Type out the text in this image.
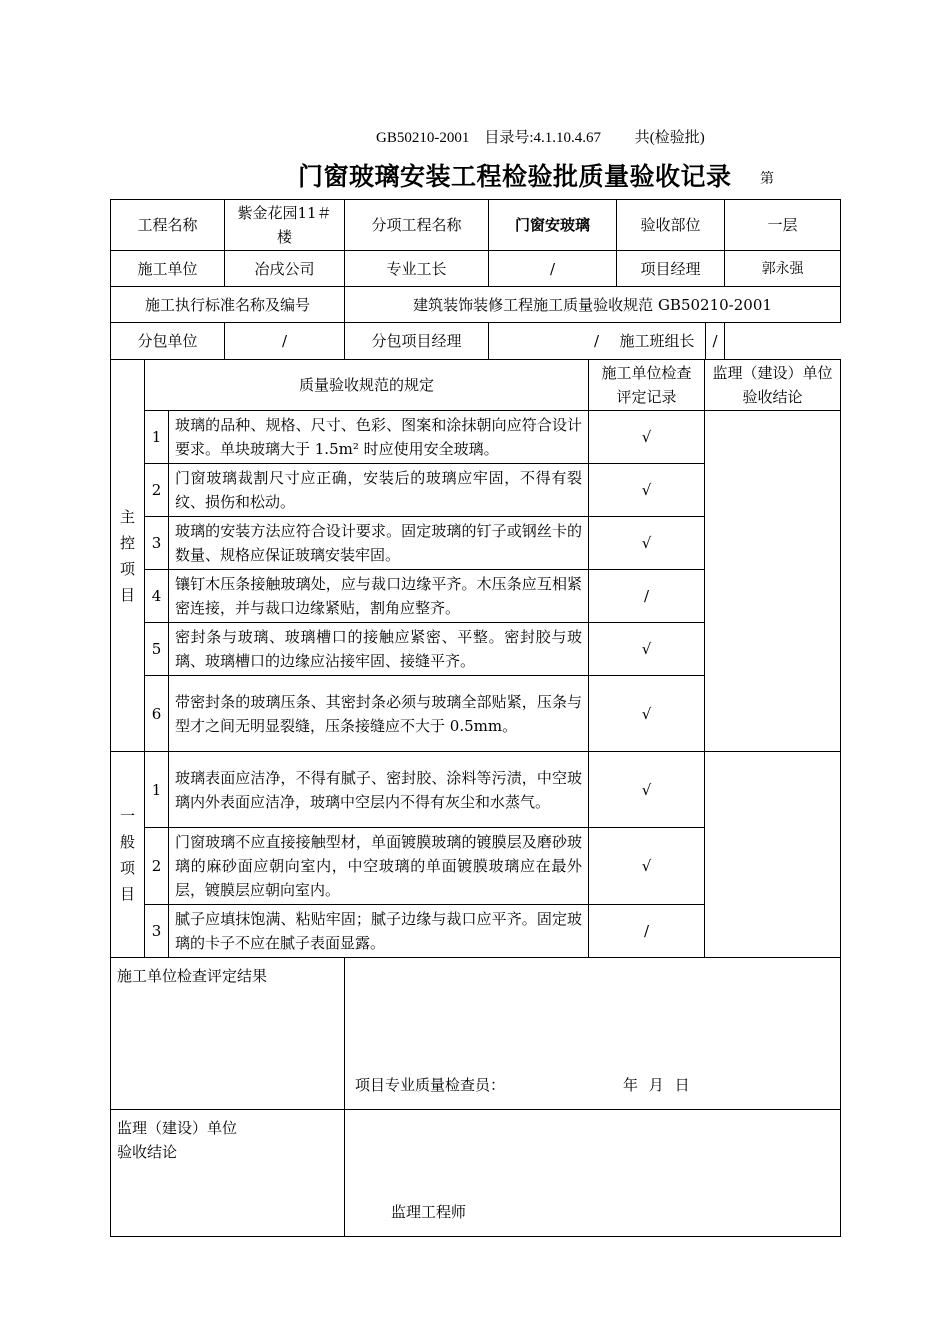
GB50210-2001    目录号:4.1.10.4.67         共(检验批)
门窗玻璃安装工程检验批质量验收记录 第
工程名称			紫金花园11＃楼	分项工程名称	门窗安玻璃		验收部位		一层
施工单位			冶戌公司	专业工长	/		项目经理		郭永强
施工执行标准名称及编号				建筑装饰装修工程施工质量验收规范 GB50210-2001					
分包单位			/	分包项目经理	/			施工班组长 /	

主
控
项
目	质量验收规范的规定					施工单位检查评定记录		监理（建设）单位验收结论	
	1	玻璃的品种、规格、尺寸、色彩、图案和涂抹朝向应符合设计要求。单块玻璃大于 1.5m² 时应使用安全玻璃。				√			
	2	门窗玻璃裁割尺寸应正确，安装后的玻璃应牢固，不得有裂纹、损伤和松动。				√			
	3	玻璃的安装方法应符合设计要求。固定玻璃的钉子或钢丝卡的数量、规格应保证玻璃安装牢固。				√			
	4	镶钉木压条接触玻璃处，应与裁口边缘平齐。木压条应互相紧密连接，并与裁口边缘紧贴，割角应整齐。				/			
	5	密封条与玻璃、玻璃槽口的接触应紧密、平整。密封胶与玻璃、玻璃槽口的边缘应沾接牢固、接缝平齐。				√			
	6	带密封条的玻璃压条、其密封条必须与玻璃全部贴紧，压条与型才之间无明显裂缝，压条接缝应不大于 0.5mm。				√			

一
般
项
目	1	玻璃表面应洁净，不得有腻子、密封胶、涂料等污渍，中空玻璃内外表面应洁净，玻璃中空层内不得有灰尘和水蒸气。				√			
	2	门窗玻璃不应直接接触型材，单面镀膜玻璃的镀膜层及磨砂玻璃的麻砂面应朝向室内，中空玻璃的单面镀膜玻璃应在最外层，镀膜层应朝向室内。				√			
	3	腻子应填抹饱满、粘贴牢固；腻子边缘与裁口应平齐。固定玻璃的卡子不应在腻子表面显露。				/			
施工单位检查评定结果				项目专业质量检查员： 年 月 日					

监理（建设）单位
验收结论				监理工程师					
